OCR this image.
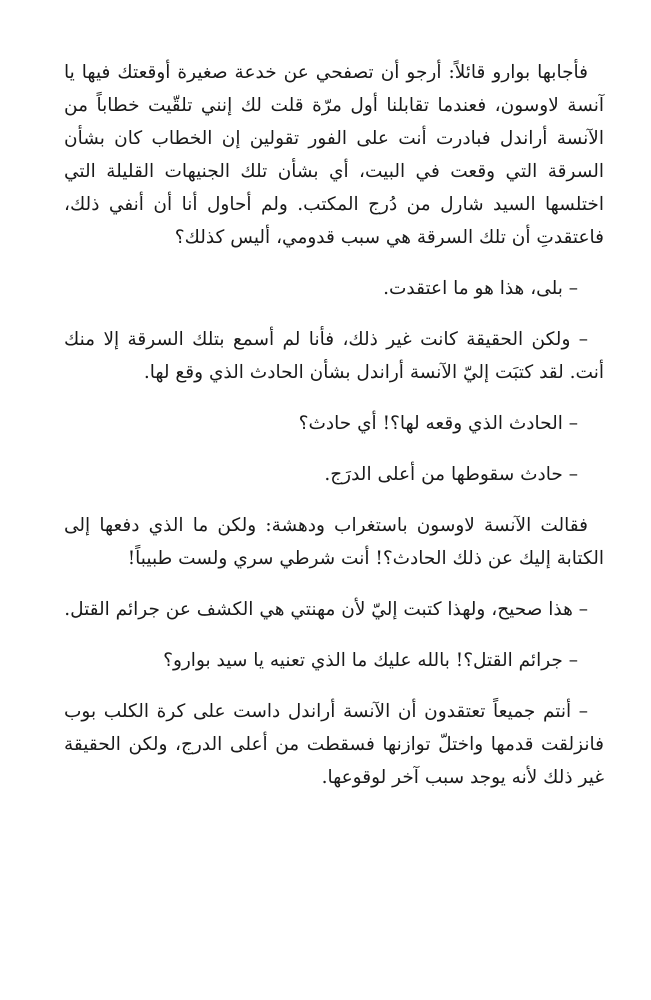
فأجابها بوارو قائلاً: أرجو أن تصفحي عن خدعة صغيرة أوقعتك فيها يا آنسة لاوسون، فعندما تقابلنا أول مرّة قلت لك إنني تلقّيت خطاباً من الآنسة أراندل فبادرت أنت على الفور تقولين إن الخطاب كان بشأن السرقة التي وقعت في البيت، أي بشأن تلك الجنيهات القليلة التي اختلسها السيد شارل من دُرج المكتب. ولم أحاول أنا أن أنفي ذلك، فاعتقدتِ أن تلك السرقة هي سبب قدومي، أليس كذلك؟

– بلى، هذا هو ما اعتقدت.

– ولكن الحقيقة كانت غير ذلك، فأنا لم أسمع بتلك السرقة إلا منك أنت. لقد كتبَت إليّ الآنسة أراندل بشأن الحادث الذي وقع لها.

– الحادث الذي وقعه لها؟! أي حادث؟

– حادث سقوطها من أعلى الدرَج.

فقالت الآنسة لاوسون باستغراب ودهشة: ولكن ما الذي دفعها إلى الكتابة إليك عن ذلك الحادث؟! أنت شرطي سري ولست طبيباً!

– هذا صحيح، ولهذا كتبت إليّ لأن مهنتي هي الكشف عن جرائم القتل.

– جرائم القتل؟! بالله عليك ما الذي تعنيه يا سيد بوارو؟

– أنتم جميعاً تعتقدون أن الآنسة أراندل داست على كرة الكلب بوب فانزلقت قدمها واختلّ توازنها فسقطت من أعلى الدرج، ولكن الحقيقة غير ذلك لأنه يوجد سبب آخر لوقوعها.
